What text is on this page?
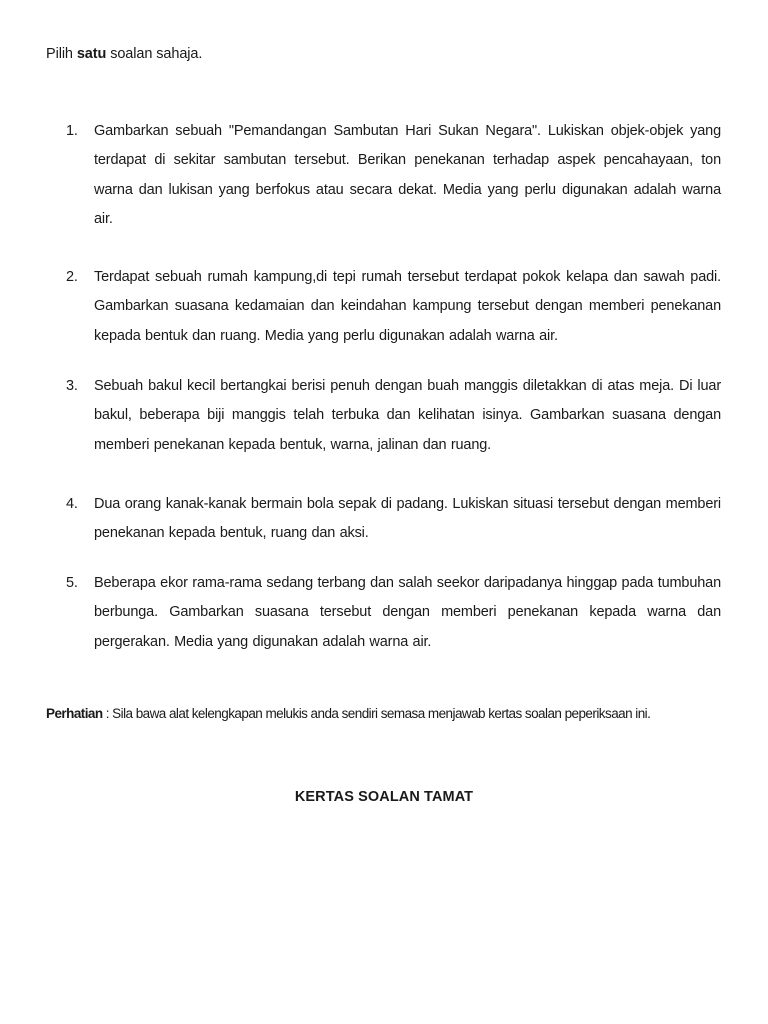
Pilih satu soalan sahaja.
1.	Gambarkan sebuah "Pemandangan Sambutan Hari Sukan Negara". Lukiskan objek-objek yang terdapat di sekitar sambutan tersebut. Berikan penekanan terhadap aspek pencahayaan, ton warna dan lukisan yang berfokus atau secara dekat. Media yang perlu digunakan adalah warna air.
2.	Terdapat sebuah rumah kampung,di tepi rumah tersebut terdapat pokok kelapa dan sawah padi. Gambarkan suasana kedamaian dan keindahan kampung tersebut dengan memberi penekanan kepada bentuk dan ruang. Media yang perlu digunakan adalah warna air.
3.	Sebuah bakul kecil bertangkai berisi penuh dengan buah manggis diletakkan di atas meja. Di luar bakul, beberapa biji manggis telah terbuka dan kelihatan isinya. Gambarkan suasana dengan memberi penekanan kepada bentuk, warna, jalinan dan ruang.
4.	Dua orang kanak-kanak bermain bola sepak di padang. Lukiskan situasi tersebut dengan memberi penekanan kepada bentuk, ruang dan aksi.
5.	Beberapa ekor rama-rama sedang terbang dan salah seekor daripadanya hinggap pada tumbuhan berbunga. Gambarkan suasana tersebut dengan memberi penekanan kepada warna dan pergerakan. Media yang digunakan adalah warna air.
Perhatian : Sila bawa alat kelengkapan melukis anda sendiri semasa menjawab kertas soalan peperiksaan ini.
KERTAS SOALAN TAMAT
